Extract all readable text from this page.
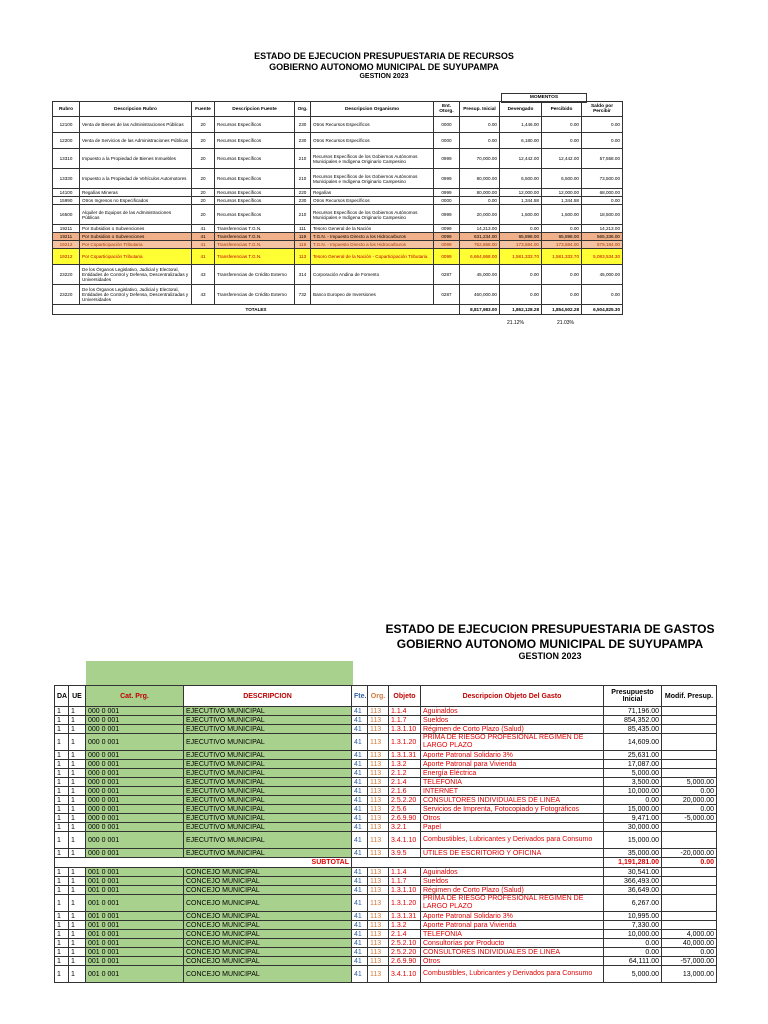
ESTADO DE EJECUCION PRESUPUESTARIA DE RECURSOS
GOBIERNO AUTONOMO MUNICIPAL DE SUYUPAMPA
GESTION 2023
MOMENTOS
Rubro	Descripcion Rubro	Fuente	Descripcion Fuente	Org.	Descripcion Organismo	Ent. Otorg.	Presup. Inicial	Devengado	Percibido	Saldo por Percibir
12100	Venta de Bienes de las Administraciones Públicas	20	Recursos Específicos	230	Otros Recursos Específicos	0000	0.00	1,446.00	0.00	0.00
12200	Venta de Servicios de las Administraciones Públicas	20	Recursos Específicos	230	Otros Recursos Específicos	0000	0.00	6,180.00	0.00	0.00
13310	Impuesto a la Propiedad de Bienes Inmuebles	20	Recursos Específicos	210	Recursos Específicos de los Gobiernos Autónomos Municipales e Indígena Originario Campesino	0999	70,000.00	12,442.00	12,442.00	57,558.00
13330	Impuesto a la Propiedad de Vehículos Automotores	20	Recursos Específicos	210	Recursos Específicos de los Gobiernos Autónomos Municipales e Indígena Originario Campesino	0999	80,000.00	6,500.00	6,500.00	73,500.00
14100	Regalías Mineras	20	Recursos Específicos	220	Regalías	0999	80,000.00	12,000.00	12,000.00	68,000.00
15990	Otros Ingresos no Especificados	20	Recursos Específicos	230	Otros Recursos Específicos	0000	0.00	1,344.58	1,344.58	0.00
16500	Alquiler de Equipos de las Administraciones Públicas	20	Recursos Específicos	210	Recursos Específicos de los Gobiernos Autónomos Municipales e Indígena Originario Campesino	0999	20,000.00	1,500.00	1,500.00	18,500.00
19211	Por Subsidios o Subvenciones	41	Transferencias T.G.N.	111	Tesoro General de la Nación	0099	14,213.00	0.00	0.00	14,213.00
19211	Por Subsidios o Subvenciones	41	Transferencias T.G.N.	119	T.G.N. - Impuesto Directo a los Hidrocarburos	0099	631,234.00	65,898.00	65,898.00	565,336.00
19212	Por Coparticipación Tributaria	41	Transferencias T.G.N.	119	T.G.N. - Impuesto Directo a los Hidrocarburos	0099	752,868.00	173,684.00	173,684.00	579,184.00
19212	Por Coparticipación Tributaria	41	Transferencias T.G.N.	113	Tesoro General de la Nación - Coparticipación Tributaria	0099	6,664,868.00	1,581,333.70	1,581,333.70	5,083,534.30
23220	De los Órganos Legislativo, Judicial y Electoral, Entidades de Control y Defensa, Descentralizadas y Universidades	43	Transferencias de Crédito Externo	314	Corporación Andina de Fomento	0287	45,000.00	0.00	0.00	45,000.00
23220	De los Órganos Legislativo, Judicial y Electoral, Entidades de Control y Defensa, Descentralizadas y Universidades	43	Transferencias de Crédito Externo	732	Banco Europeo de Inversiones	0287	460,000.00	0.00	0.00	0.00
TOTALES							8,817,983.00	1,862,128.28	1,854,502.28	6,504,825.30
21.12%	21.03%
ESTADO DE EJECUCION PRESUPUESTARIA DE GASTOS
GOBIERNO AUTONOMO MUNICIPAL DE SUYUPAMPA
GESTION 2023
DA	UE	Cat. Prg.	DESCRIPCION	Fte.	Org.	Objeto	Descripcion Objeto Del Gasto	Presupuesto Inicial	Modif. Presup.
1	1	000 0 001	EJECUTIVO MUNICIPAL	41	113	1.1.4	Aguinaldos	71,196.00	
1	1	000 0 001	EJECUTIVO MUNICIPAL	41	113	1.1.7	Sueldos	854,352.00	
1	1	000 0 001	EJECUTIVO MUNICIPAL	41	113	1.3.1.10	Régimen de Corto Plazo (Salud)	85,435.00	
1	1	000 0 001	EJECUTIVO MUNICIPAL	41	113	1.3.1.20	PRIMA DE RIESGO PROFESIONAL RÉGIMEN DE LARGO PLAZO	14,609.00	
1	1	000 0 001	EJECUTIVO MUNICIPAL	41	113	1.3.1.31	Aporte Patronal Solidario 3%	25,631.00	
1	1	000 0 001	EJECUTIVO MUNICIPAL	41	113	1.3.2	Aporte Patronal para Vivienda	17,087.00	
1	1	000 0 001	EJECUTIVO MUNICIPAL	41	113	2.1.2	Energía Eléctrica	5,000.00	
1	1	000 0 001	EJECUTIVO MUNICIPAL	41	113	2.1.4	TELEFONIA	3,500.00	5,000.00
1	1	000 0 001	EJECUTIVO MUNICIPAL	41	113	2.1.6	INTERNET	10,000.00	0.00
1	1	000 0 001	EJECUTIVO MUNICIPAL	41	113	2.5.2.20	CONSULTORES INDIVIDUALES DE LINEA	0.00	20,000.00
1	1	000 0 001	EJECUTIVO MUNICIPAL	41	113	2.5.6	Servicios de Imprenta, Fotocopiado y Fotográficos	15,000.00	0.00
1	1	000 0 001	EJECUTIVO MUNICIPAL	41	113	2.6.9.90	Otros	9,471.00	-5,000.00
1	1	000 0 001	EJECUTIVO MUNICIPAL	41	113	3.2.1	Papel	30,000.00	
1	1	000 0 001	EJECUTIVO MUNICIPAL	41	113	3.4.1.10	Combustibles, Lubricantes y Derivados para Consumo	15,000.00	
1	1	000 0 001	EJECUTIVO MUNICIPAL	41	113	3.9.5	UTILES DE ESCRITORIO Y OFICINA	35,000.00	-20,000.00
SUBTOTAL								1,191,281.00	0.00
1	1	001 0 001	CONCEJO MUNICIPAL	41	113	1.1.4	Aguinaldos	30,541.00	
1	1	001 0 001	CONCEJO MUNICIPAL	41	113	1.1.7	Sueldos	366,493.00	
1	1	001 0 001	CONCEJO MUNICIPAL	41	113	1.3.1.10	Régimen de Corto Plazo (Salud)	36,649.00	
1	1	001 0 001	CONCEJO MUNICIPAL	41	113	1.3.1.20	PRIMA DE RIESGO PROFESIONAL RÉGIMEN DE LARGO PLAZO	6,267.00	
1	1	001 0 001	CONCEJO MUNICIPAL	41	113	1.3.1.31	Aporte Patronal Solidario 3%	10,995.00	
1	1	001 0 001	CONCEJO MUNICIPAL	41	113	1.3.2	Aporte Patronal para Vivienda	7,330.00	
1	1	001 0 001	CONCEJO MUNICIPAL	41	113	2.1.4	TELEFONIA	10,000.00	4,000.00
1	1	001 0 001	CONCEJO MUNICIPAL	41	113	2.5.2.10	Consultorías por Producto	0.00	40,000.00
1	1	001 0 001	CONCEJO MUNICIPAL	41	113	2.5.2.20	CONSULTORES INDIVIDUALES DE LINEA	0.00	0.00
1	1	001 0 001	CONCEJO MUNICIPAL	41	113	2.6.9.90	Otros	64,111.00	-57,000.00
1	1	001 0 001	CONCEJO MUNICIPAL	41	113	3.4.1.10	Combustibles, Lubricantes y Derivados para Consumo	5,000.00	13,000.00
